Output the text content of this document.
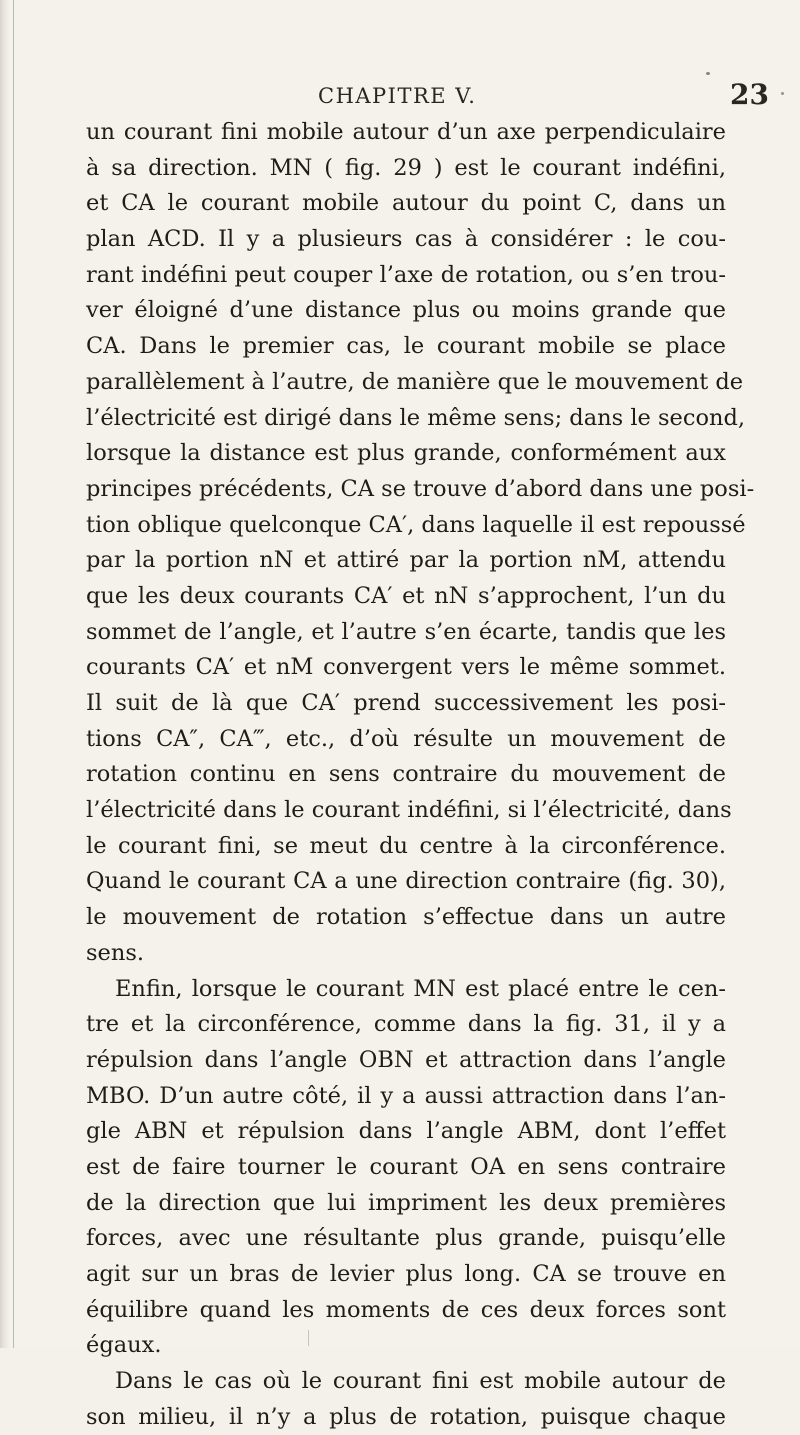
CHAPITRE V.	23
un courant fini mobile autour d’un axe perpendiculaire
à sa direction. MN ( fig. 29 ) est le courant indéfini,
et CA le courant mobile autour du point C, dans un
plan ACD. Il y a plusieurs cas à considérer : le cou-
rant indéfini peut couper l’axe de rotation, ou s’en trou-
ver éloigné d’une distance plus ou moins grande que
CA. Dans le premier cas, le courant mobile se place
parallèlement à l’autre, de manière que le mouvement de
l’électricité est dirigé dans le même sens; dans le second,
lorsque la distance est plus grande, conformément aux
principes précédents, CA se trouve d’abord dans une posi-
tion oblique quelconque CA′, dans laquelle il est repoussé
par la portion nN et attiré par la portion nM, attendu
que les deux courants CA′ et nN s’approchent, l’un du
sommet de l’angle, et l’autre s’en écarte, tandis que les
courants CA′ et nM convergent vers le même sommet.
Il suit de là que CA′ prend successivement les posi-
tions CA″, CA‴, etc., d’où résulte un mouvement de
rotation continu en sens contraire du mouvement de
l’électricité dans le courant indéfini, si l’électricité, dans
le courant fini, se meut du centre à la circonférence.
Quand le courant CA a une direction contraire (fig. 30),
le mouvement de rotation s’effectue dans un autre
sens.
Enfin, lorsque le courant MN est placé entre le cen-
tre et la circonférence, comme dans la fig. 31, il y a
répulsion dans l’angle OBN et attraction dans l’angle
MBO. D’un autre côté, il y a aussi attraction dans l’an-
gle ABN et répulsion dans l’angle ABM, dont l’effet
est de faire tourner le courant OA en sens contraire
de la direction que lui impriment les deux premières
forces, avec une résultante plus grande, puisqu’elle
agit sur un bras de levier plus long. CA se trouve en
équilibre quand les moments de ces deux forces sont
égaux.
Dans le cas où le courant fini est mobile autour de
son milieu, il n’y a plus de rotation, puisque chaque
